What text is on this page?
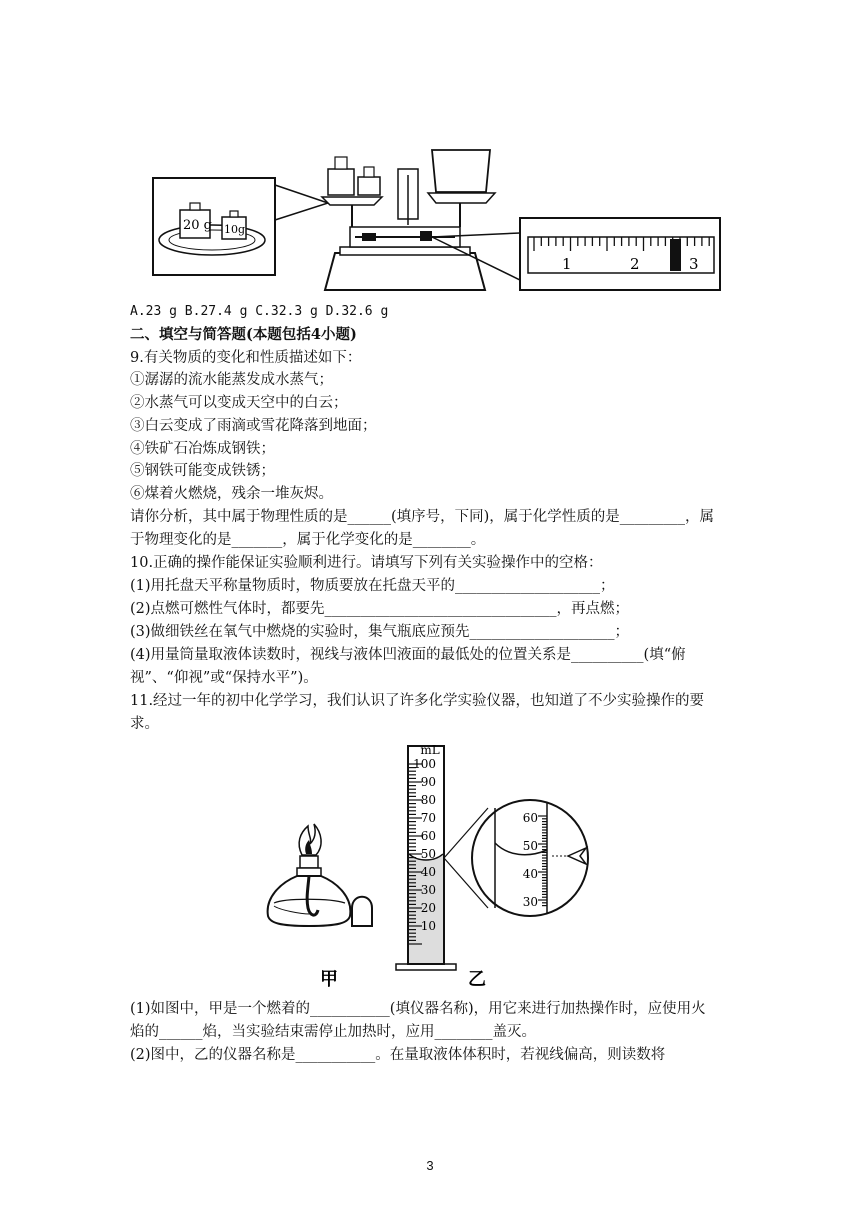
20 g 10g
1	2	3
A.23 g B.27.4 g C.32.3 g D.32.6 g
二、填空与简答题(本题包括4小题)
9.有关物质的变化和性质描述如下：
①潺潺的流水能蒸发成水蒸气；
②水蒸气可以变成天空中的白云；
③白云变成了雨滴或雪花降落到地面；
④铁矿石冶炼成钢铁；
⑤钢铁可能变成铁锈；
⑥煤着火燃烧，残余一堆灰烬。
请你分析，其中属于物理性质的是______(填序号，下同)，属于化学性质的是_________，属
于物理变化的是_______，属于化学变化的是________。
10.正确的操作能保证实验顺利进行。请填写下列有关实验操作中的空格：
(1)用托盘天平称量物质时，物质要放在托盘天平的____________________；
(2)点燃可燃性气体时，都要先________________________________，再点燃；
(3)做细铁丝在氧气中燃烧的实验时，集气瓶底应预先____________________；
(4)用量筒量取液体读数时，视线与液体凹液面的最低处的位置关系是__________(填“俯
视”、“仰视”或“保持水平”)。
11.经过一年的初中化学学习，我们认识了许多化学实验仪器，也知道了不少实验操作的要
求。
mL
100
90
80
70
60
50
40
30
20
10
60
50
40
30
甲	乙
(1)如图中，甲是一个燃着的___________(填仪器名称)，用它来进行加热操作时，应使用火
焰的______焰，当实验结束需停止加热时，应用________盖灭。
(2)图中，乙的仪器名称是___________。在量取液体体积时，若视线偏高，则读数将
3
